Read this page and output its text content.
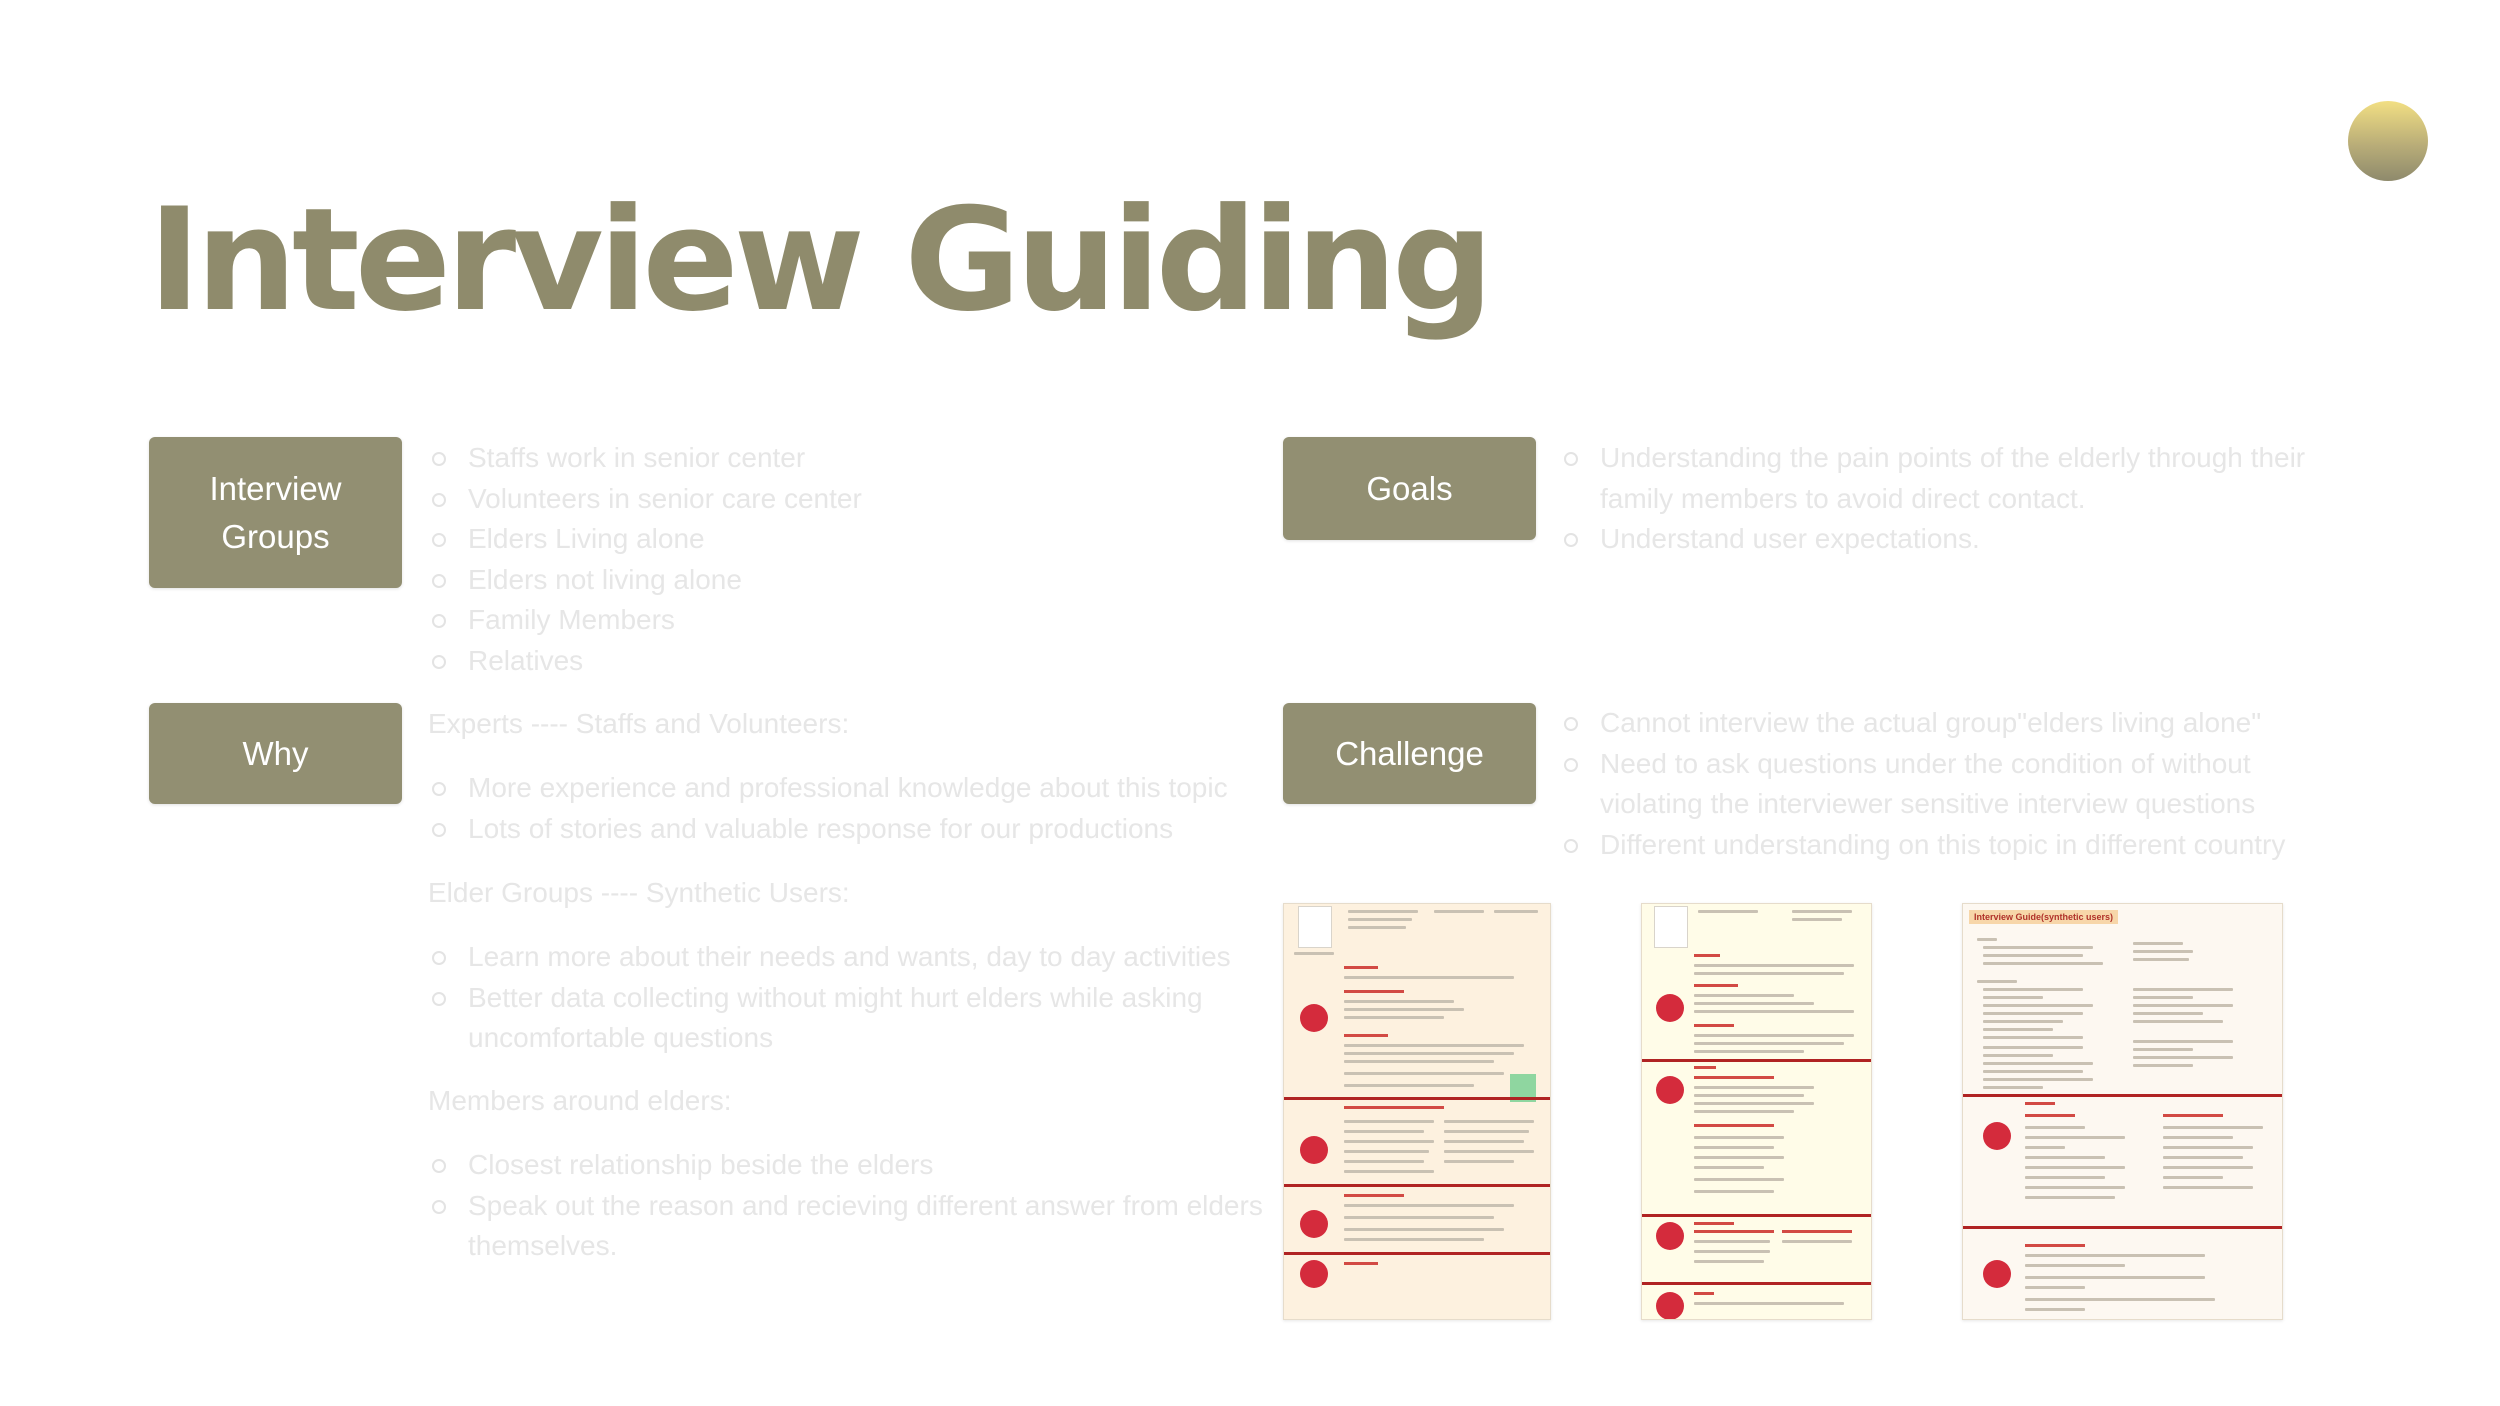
Interview Guiding
Interview
Groups
Staffs work in senior center
Volunteers in senior care center
Elders Living alone
Elders not living alone
Family Members
Relatives
Goals
Understanding the pain points of the elderly through their
family members to avoid direct contact.
Understand user expectations.
Why

Experts ---- Staffs and Volunteers:

More experience and professional knowledge about this topic
Lots of stories and valuable response for our productions

Elder Groups ---- Synthetic Users:

Learn more about their needs and wants, day to day activities
Better data collecting without might hurt elders while asking
uncomfortable questions

Members around elders:

Closest relationship beside the elders
Speak out the reason and recieving different answer from elders
themselves.
Challenge
Cannot interview the actual group"elders living alone"
Need to ask questions under the condition of without
violating the interviewer sensitive interview questions
Different understanding on this topic in different country
Interview Guide(synthetic users)
